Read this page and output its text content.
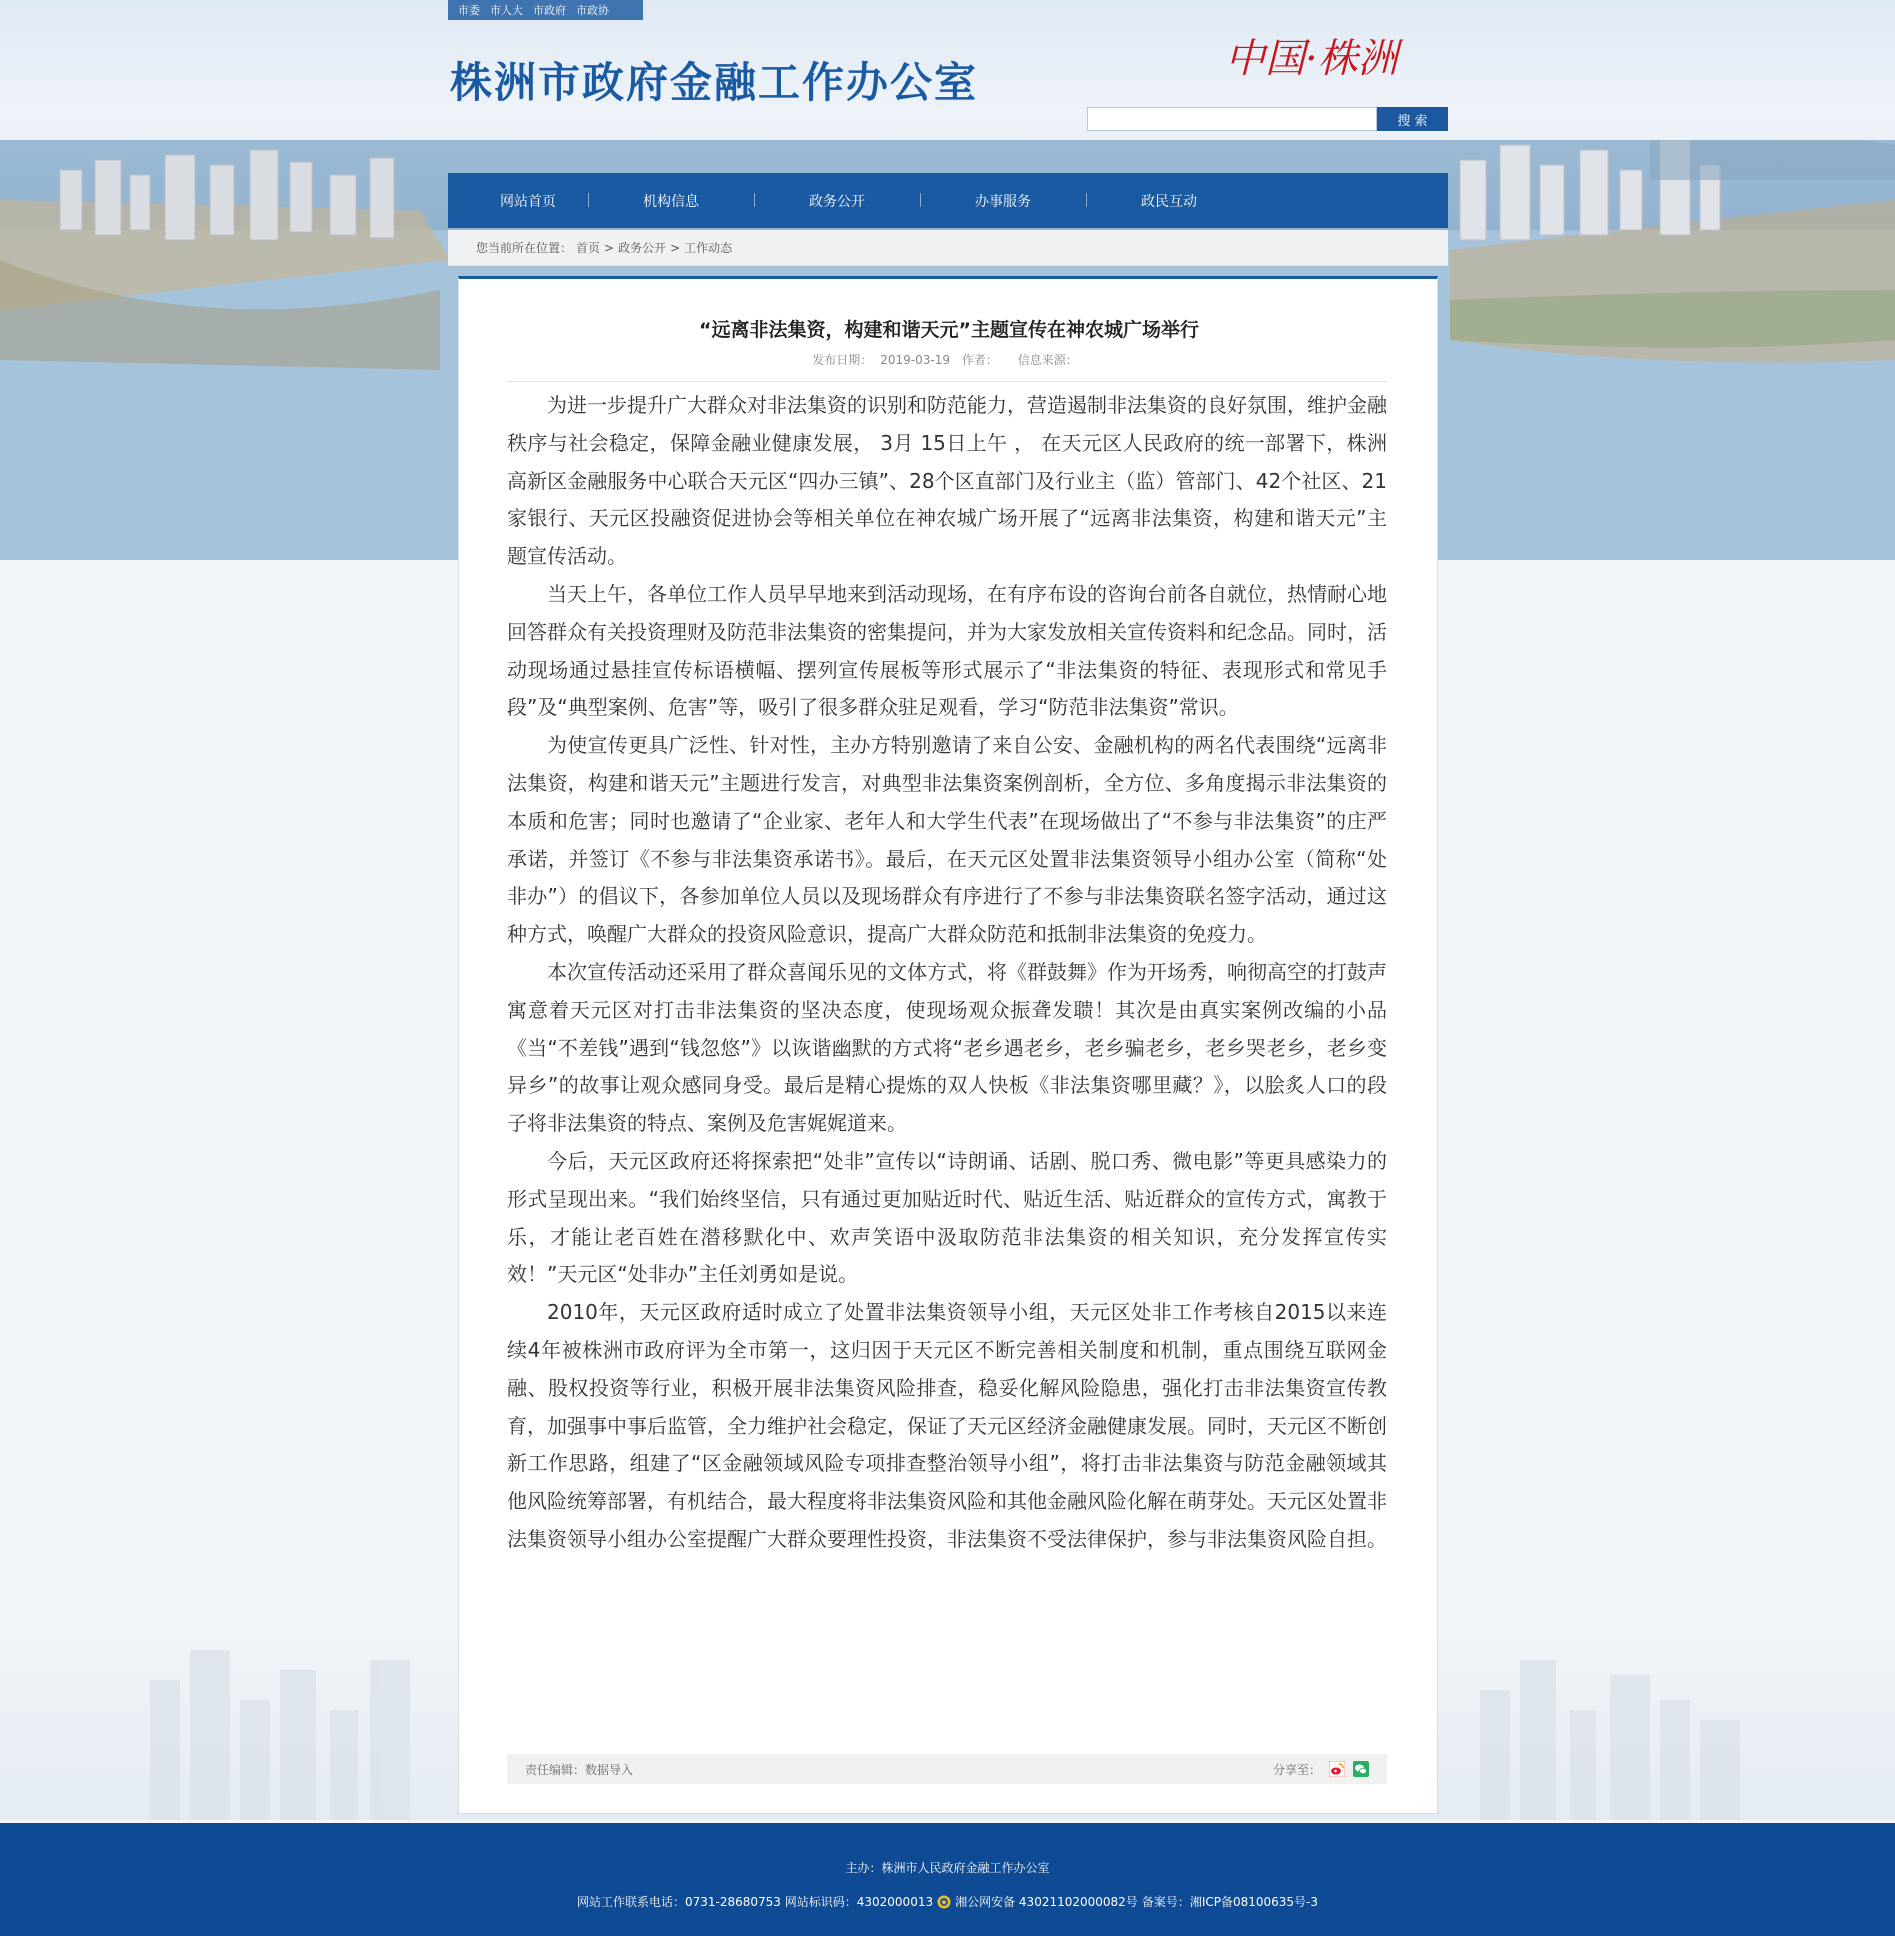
市委 市人大 市政府 市政协
株洲市政府金融工作办公室	中国·株洲
搜 索
网站首页	机构信息	政务公开	办事服务	政民互动
您当前所在位置： 首页 > 政务公开 > 工作动态
“远离非法集资，构建和谐天元”主题宣传在神农城广场举行
发布日期： 2019-03-19 作者： 信息来源：

为进一步提升广大群众对非法集资的识别和防范能力，营造遏制非法集资的良好氛围，维护金融秩序与社会稳定，保障金融业健康发展， 3月 15日上午 ， 在天元区人民政府的统一部署下，株洲高新区金融服务中心联合天元区“四办三镇”、28个区直部门及行业主（监）管部门、42个社区、21家银行、天元区投融资促进协会等相关单位在神农城广场开展了“远离非法集资，构建和谐天元”主题宣传活动。

当天上午，各单位工作人员早早地来到活动现场，在有序布设的咨询台前各自就位，热情耐心地回答群众有关投资理财及防范非法集资的密集提问，并为大家发放相关宣传资料和纪念品。同时，活动现场通过悬挂宣传标语横幅、摆列宣传展板等形式展示了“非法集资的特征、表现形式和常见手段”及“典型案例、危害”等，吸引了很多群众驻足观看，学习“防范非法集资”常识。

为使宣传更具广泛性、针对性，主办方特别邀请了来自公安、金融机构的两名代表围绕“远离非法集资，构建和谐天元”主题进行发言，对典型非法集资案例剖析，全方位、多角度揭示非法集资的本质和危害；同时也邀请了“企业家、老年人和大学生代表”在现场做出了“不参与非法集资”的庄严承诺，并签订《不参与非法集资承诺书》。最后，在天元区处置非法集资领导小组办公室（简称“处非办”）的倡议下，各参加单位人员以及现场群众有序进行了不参与非法集资联名签字活动，通过这种方式，唤醒广大群众的投资风险意识，提高广大群众防范和抵制非法集资的免疫力。

本次宣传活动还采用了群众喜闻乐见的文体方式，将《群鼓舞》作为开场秀，响彻高空的打鼓声寓意着天元区对打击非法集资的坚决态度，使现场观众振聋发聩！其次是由真实案例改编的小品《当“不差钱”遇到“钱忽悠”》以诙谐幽默的方式将“老乡遇老乡，老乡骗老乡，老乡哭老乡，老乡变异乡”的故事让观众感同身受。最后是精心提炼的双人快板《非法集资哪里藏？》，以脍炙人口的段子将非法集资的特点、案例及危害娓娓道来。

今后，天元区政府还将探索把“处非”宣传以“诗朗诵、话剧、脱口秀、微电影”等更具感染力的形式呈现出来。“我们始终坚信，只有通过更加贴近时代、贴近生活、贴近群众的宣传方式，寓教于乐，才能让老百姓在潜移默化中、欢声笑语中汲取防范非法集资的相关知识，充分发挥宣传实效！”天元区“处非办”主任刘勇如是说。

2010年，天元区政府适时成立了处置非法集资领导小组，天元区处非工作考核自2015以来连续4年被株洲市政府评为全市第一，这归因于天元区不断完善相关制度和机制，重点围绕互联网金融、股权投资等行业，积极开展非法集资风险排查，稳妥化解风险隐患，强化打击非法集资宣传教育，加强事中事后监管，全力维护社会稳定，保证了天元区经济金融健康发展。同时，天元区不断创新工作思路，组建了“区金融领域风险专项排查整治领导小组”，将打击非法集资与防范金融领域其他风险统筹部署，有机结合，最大程度将非法集资风险和其他金融风险化解在萌芽处。天元区处置非法集资领导小组办公室提醒广大群众要理性投资，非法集资不受法律保护，参与非法集资风险自担。

责任编辑：数据导入	分享至：
主办：株洲市人民政府金融工作办公室
网站工作联系电话：0731-28680753 网站标识码：4302000013 湘公网安备 43021102000082号 备案号：湘ICP备08100635号-3
